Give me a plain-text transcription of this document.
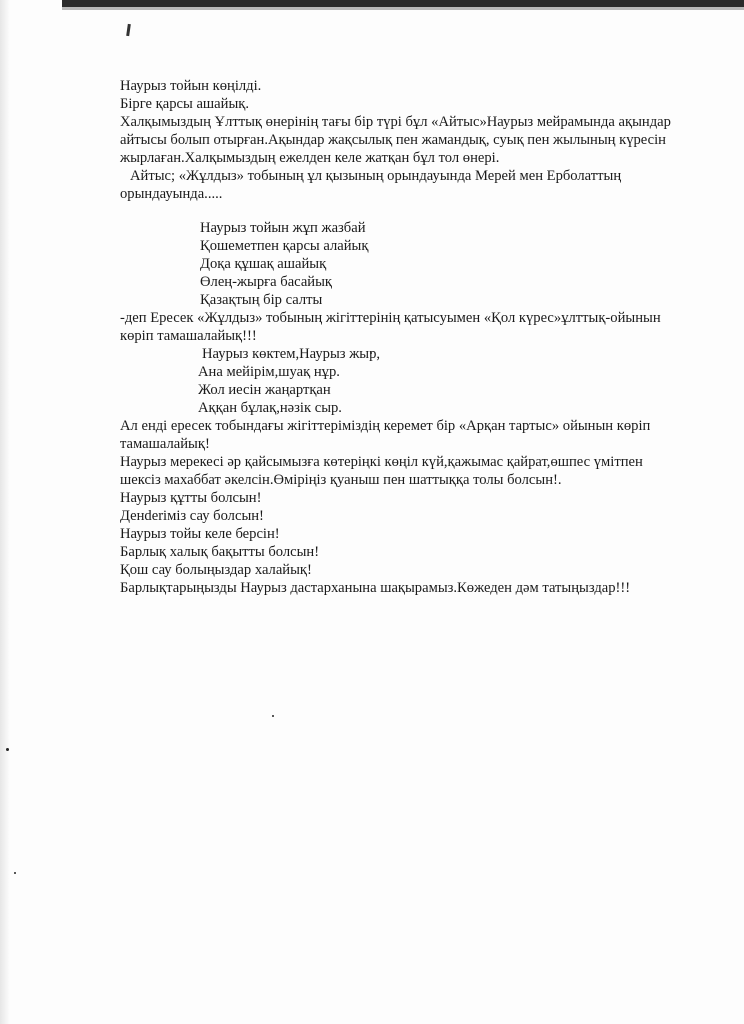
Наурыз тойын көңілді.
Бірге қарсы ашайық.
Халқымыздың Ұлттық өнерінің тағы бір түрі бұл «Айтыс»Наурыз мейрамында ақындар
айтысы болып отырған.Ақындар жақсылық пен жамандық, суық пен жылының күресін
жырлаған.Халқымыздың ежелден келе жатқан бұл тол өнері.
Айтыс; «Жұлдыз» тобының ұл қызының орындауында Мерей мен Ерболаттың
орындауында.....
Наурыз тойын жұп жазбай
Қошеметпен қарсы алайық
Доқа құшақ ашайық
Өлең-жырға басайық
Қазақтың бір салты
-деп Ересек «Жұлдыз» тобының жігіттерінің қатысуымен «Қол күрес»ұлттық-ойынын
көріп тамашалайық!!!
Наурыз көктем,Наурыз жыр,
Ана мейірім,шуақ нұр.
Жол иесін жаңартқан
Аққан бұлақ,нәзік сыр.
Ал енді ересек тобындағы жігіттеріміздің керемет бір «Арқан тартыс» ойынын көріп
тамашалайық!
Наурыз мерекесі әр қайсымызға көтеріңкі көңіл күй,қажымас қайрат,өшпес үмітпен
шексіз махаббат әкелсін.Өміріңіз қуаныш пен шаттыққа толы болсын!.
Наурыз құтты болсын!
Денderіміз сау болсын!
Наурыз тойы келе берсін!
Барлық халық бақытты болсын!
Қош сау болыңыздар халайық!
Барлықтарыңызды Наурыз дастарханына шақырамыз.Көжеден дәм татыңыздар!!!
